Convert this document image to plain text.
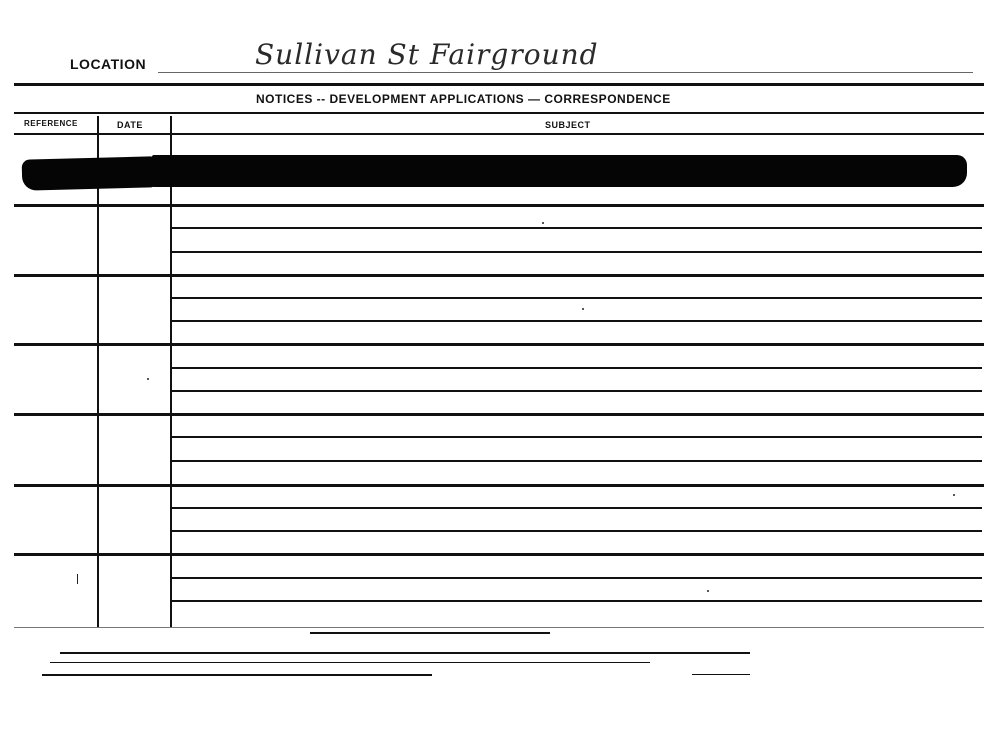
LOCATION	Sullivan St Fairground
NOTICES -- DEVELOPMENT APPLICATIONS — CORRESPONDENCE
REFERENCE	DATE	SUBJECT
